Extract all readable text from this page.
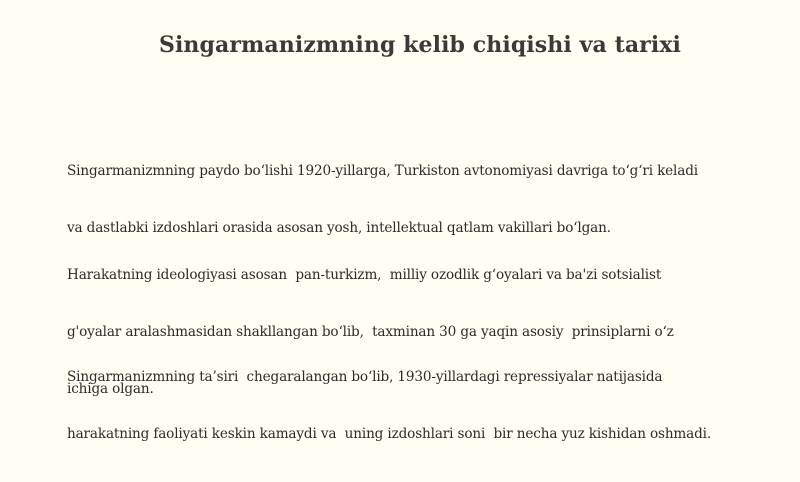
Singarmanizmning kelib chiqishi va tarixi

Singarmanizmning paydo bo‘lishi 1920-yillarga, Turkiston avtonomiyasi davriga to‘g‘ri keladi

va dastlabki izdoshlari orasida asosan yosh, intellektual qatlam vakillari bo‘lgan.

Harakatning ideologiyasi asosan  pan-turkizm,  milliy ozodlik g‘oyalari va ba'zi sotsialist

g'oyalar aralashmasidan shakllangan bo‘lib,  taxminan 30 ga yaqin asosiy  prinsiplarni o‘z

ichiga olgan.

Singarmanizmning ta’siri  chegaralangan bo‘lib, 1930-yillardagi repressiyalar natijasida

harakatning faoliyati keskin kamaydi va  uning izdoshlari soni  bir necha yuz kishidan oshmadi.
